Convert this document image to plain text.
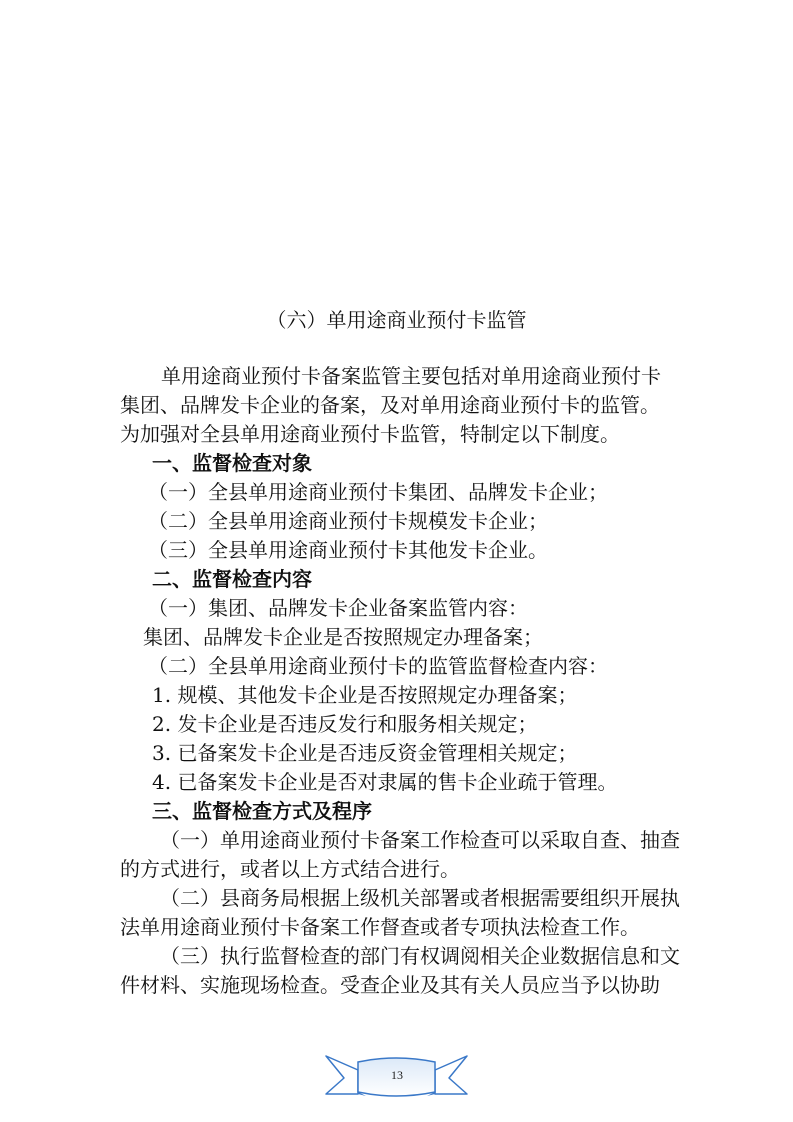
（六）单用途商业预付卡监管
单用途商业预付卡备案监管主要包括对单用途商业预付卡
集团、品牌发卡企业的备案，及对单用途商业预付卡的监管。
为加强对全县单用途商业预付卡监管，特制定以下制度。
一、监督检查对象
（一）全县单用途商业预付卡集团、品牌发卡企业；
（二）全县单用途商业预付卡规模发卡企业；
（三）全县单用途商业预付卡其他发卡企业。
二、监督检查内容
（一）集团、品牌发卡企业备案监管内容：
集团、品牌发卡企业是否按照规定办理备案；
（二）全县单用途商业预付卡的监管监督检查内容：
1. 规模、其他发卡企业是否按照规定办理备案；
2. 发卡企业是否违反发行和服务相关规定；
3. 已备案发卡企业是否违反资金管理相关规定；
4. 已备案发卡企业是否对隶属的售卡企业疏于管理。
三、监督检查方式及程序
（一）单用途商业预付卡备案工作检查可以采取自查、抽查
的方式进行，或者以上方式结合进行。
（二）县商务局根据上级机关部署或者根据需要组织开展执
法单用途商业预付卡备案工作督查或者专项执法检查工作。
（三）执行监督检查的部门有权调阅相关企业数据信息和文
件材料、实施现场检查。受查企业及其有关人员应当予以协助
13
